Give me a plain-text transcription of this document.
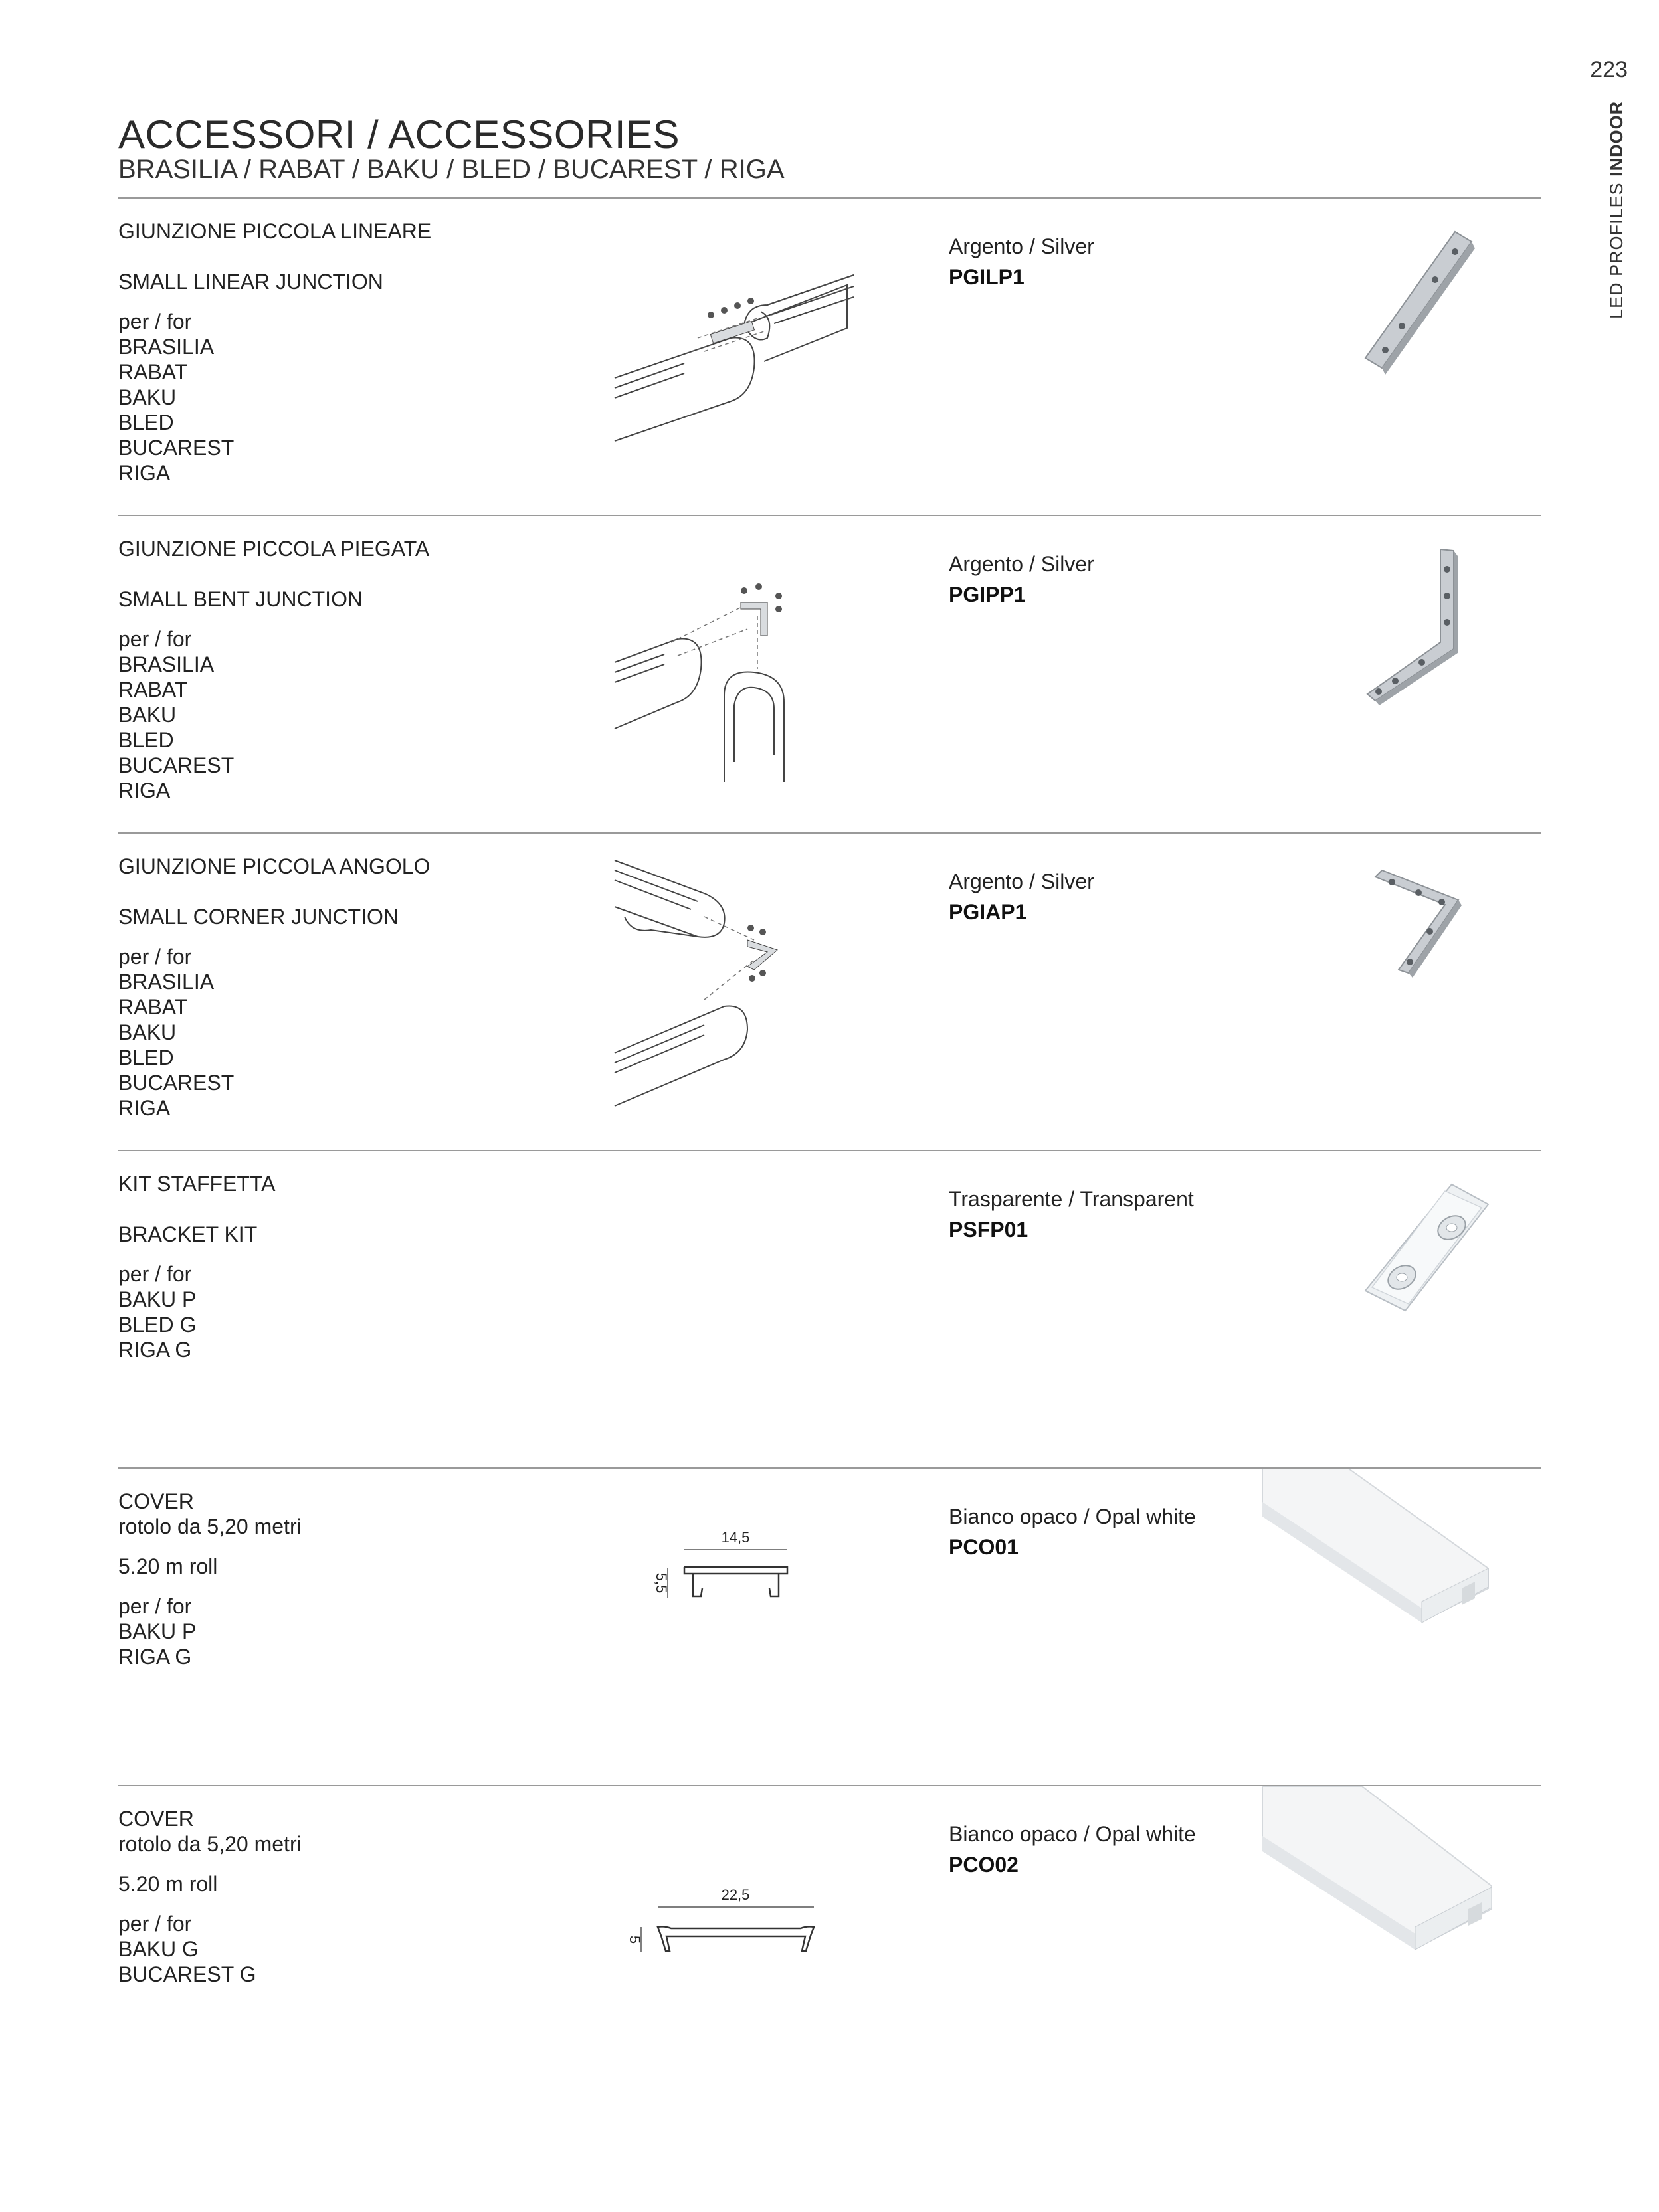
223
LED PROFILES INDOOR
ACCESSORI / ACCESSORIES
BRASILIA / RABAT / BAKU / BLED / BUCAREST / RIGA
GIUNZIONE PICCOLA LINEARE
SMALL LINEAR JUNCTION
per / for
BRASILIA
RABAT
BAKU
BLED
BUCAREST
RIGA
Argento / Silver
PGILP1
GIUNZIONE PICCOLA PIEGATA
SMALL BENT JUNCTION
per / for
BRASILIA
RABAT
BAKU
BLED
BUCAREST
RIGA
Argento / Silver
PGIPP1
GIUNZIONE PICCOLA ANGOLO
SMALL CORNER JUNCTION
per / for
BRASILIA
RABAT
BAKU
BLED
BUCAREST
RIGA
Argento / Silver
PGIAP1
KIT STAFFETTA
BRACKET KIT
per / for
BAKU P
BLED G
RIGA G
Trasparente / Transparent
PSFP01
COVER
rotolo da 5,20 metri
5.20 m roll
per / for
BAKU P
RIGA G
14,5
5,5
Bianco opaco / Opal white
PCO01
COVER
rotolo da 5,20 metri
5.20 m roll
per / for
BAKU G
BUCAREST G
22,5
5
Bianco opaco / Opal white
PCO02
